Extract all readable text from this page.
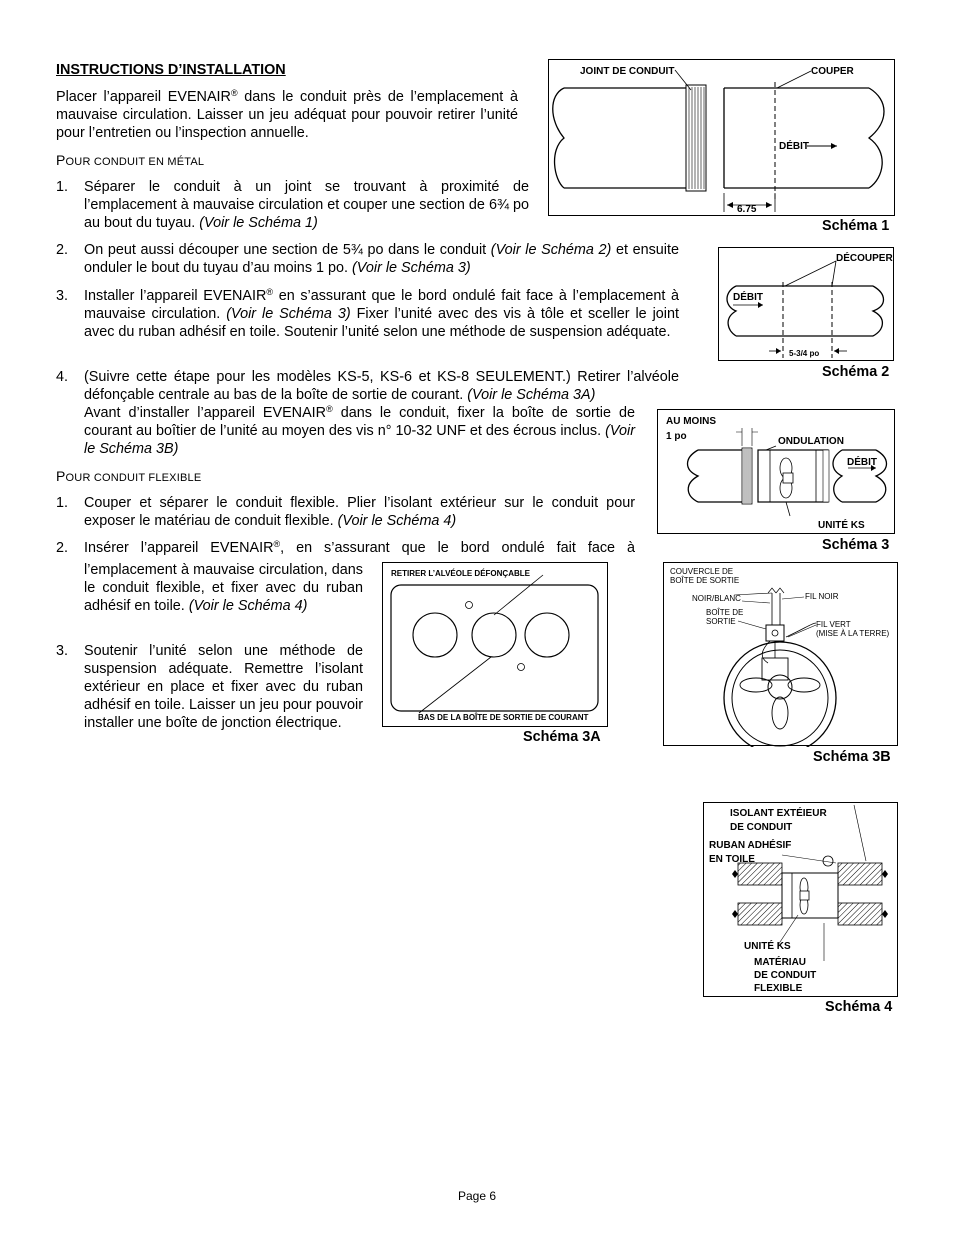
INSTRUCTIONS D’INSTALLATION
Placer l’appareil EVENAIR® dans le conduit près de l’emplacement à mauvaise circulation. Laisser un jeu adéquat pour pouvoir retirer l’unité pour l’entretien ou l’inspection annuelle.
POUR CONDUIT EN MÉTAL
1.	Séparer le conduit à un joint se trouvant à proximité de l’emplacement à mauvaise circulation et couper une section de 6¾ po au bout du tuyau. (Voir le Schéma 1)
2.	On peut aussi découper une section de 5¾ po dans le conduit (Voir le Schéma 2) et ensuite onduler le bout du tuyau d’au moins 1 po. (Voir le Schéma 3)
3.	Installer l’appareil EVENAIR® en s’assurant que le bord ondulé fait face à l’emplacement à mauvaise circulation. (Voir le Schéma 3) Fixer l’unité avec des vis à tôle et sceller le joint avec du ruban adhésif en toile. Soutenir l’unité selon une méthode de suspension adéquate.
4.	(Suivre cette étape pour les modèles KS-5, KS-6 et KS-8 SEULEMENT.) Retirer l’alvéole défonçable centrale au bas de la boîte de sortie de courant. (Voir le Schéma 3A)
Avant d’installer l’appareil EVENAIR® dans le conduit, fixer la boîte de sortie de courant au boîtier de l’unité au moyen des vis n° 10-32 UNF et des écrous inclus. (Voir le Schéma 3B)
POUR CONDUIT FLEXIBLE
1.	Couper et séparer le conduit flexible. Plier l’isolant extérieur sur le conduit pour exposer le matériau de conduit flexible. (Voir le Schéma 4)
2.	Insérer l’appareil EVENAIR®, en s’assurant que le bord ondulé fait face à
l’emplacement à mauvaise circulation, dans le conduit flexible, et fixer avec du ruban adhésif en toile. (Voir le Schéma 4)
3.	Soutenir l’unité selon une méthode de suspension adéquate. Remettre l’isolant extérieur en place et fixer avec du ruban adhésif en toile. Laisser un jeu pour pouvoir installer une boîte de jonction électrique.
JOINT DE CONDUIT	COUPER
DÉBIT
6.75
Schéma 1
DÉCOUPER
DÉBIT
5-3/4 po
Schéma 2
AU MOINS
1 po	ONDULATION
DÉBIT
UNITÉ KS
Schéma 3
RETIRER L’ALVÉOLE DÉFONÇABLE
BAS DE LA BOÎTE DE SORTIE DE COURANT
Schéma 3A
COUVERCLE DE
BOÎTE DE SORTIE
NOIR/BLANC
BOÎTE DE
SORTIE
FIL NOIR
FIL VERT
(MISE À LA TERRE)
Schéma 3B
ISOLANT EXTÉIEUR
DE CONDUIT
RUBAN ADHÉSIF
EN TOILE
UNITÉ KS
MATÉRIAU
DE CONDUIT
FLEXIBLE
Schéma 4
Page 6
